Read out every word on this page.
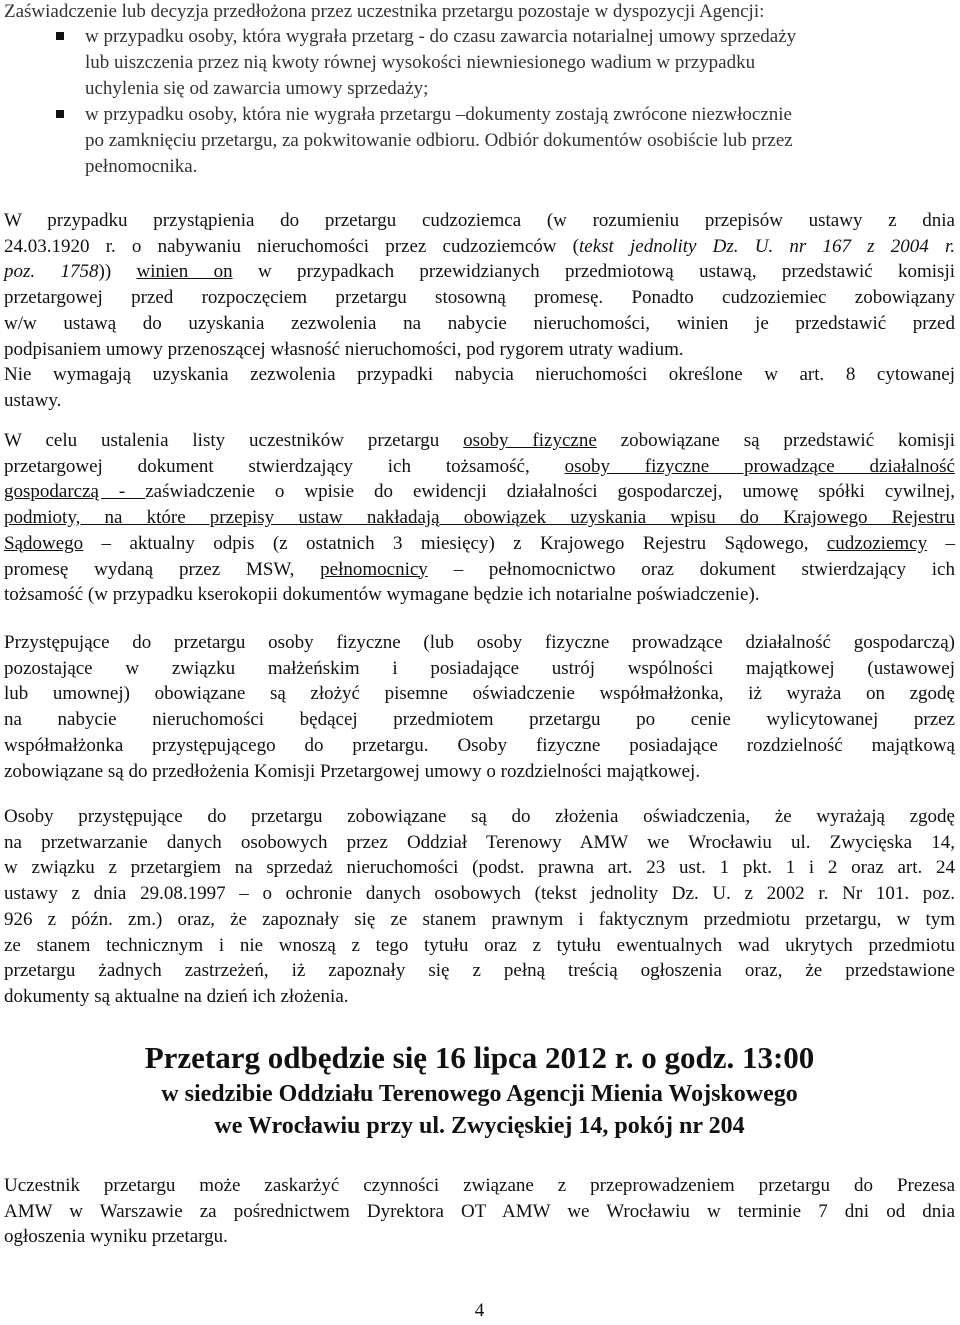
Zaświadczenie lub decyzja przedłożona przez uczestnika przetargu pozostaje w dyspozycji Agencji:
w przypadku osoby, która wygrała przetarg - do czasu zawarcia notarialnej umowy sprzedaży
lub uiszczenia przez nią kwoty równej wysokości niewniesionego wadium w przypadku
uchylenia się od zawarcia umowy sprzedaży;
w przypadku osoby, która nie wygrała przetargu –dokumenty zostają zwrócone niezwłocznie
po zamknięciu przetargu, za pokwitowanie odbioru. Odbiór dokumentów osobiście lub przez
pełnomocnika.
W przypadku przystąpienia do przetargu cudzoziemca (w rozumieniu przepisów ustawy z dnia
24.03.1920 r. o nabywaniu nieruchomości przez cudzoziemców (tekst jednolity Dz. U. nr 167 z 2004 r.
poz. 1758)) winien on w przypadkach przewidzianych przedmiotową ustawą, przedstawić komisji
przetargowej przed rozpoczęciem przetargu stosowną promesę. Ponadto cudzoziemiec zobowiązany
w/w ustawą do uzyskania zezwolenia na nabycie nieruchomości, winien je przedstawić przed
podpisaniem umowy przenoszącej własność nieruchomości, pod rygorem utraty wadium.
Nie wymagają uzyskania zezwolenia przypadki nabycia nieruchomości określone w art. 8 cytowanej
ustawy.
W celu ustalenia listy uczestników przetargu osoby fizyczne zobowiązane są przedstawić komisji
przetargowej dokument stwierdzający ich tożsamość, osoby fizyczne prowadzące działalność
gospodarczą - zaświadczenie o wpisie do ewidencji działalności gospodarczej, umowę spółki cywilnej,
podmioty, na które przepisy ustaw nakładają obowiązek uzyskania wpisu do Krajowego Rejestru
Sądowego – aktualny odpis (z ostatnich 3 miesięcy) z Krajowego Rejestru Sądowego, cudzoziemcy –
promesę wydaną przez MSW, pełnomocnicy – pełnomocnictwo oraz dokument stwierdzający ich
tożsamość (w przypadku kserokopii dokumentów wymagane będzie ich notarialne poświadczenie).
Przystępujące do przetargu osoby fizyczne (lub osoby fizyczne prowadzące działalność gospodarczą)
pozostające w związku małżeńskim i posiadające ustrój wspólności majątkowej (ustawowej
lub umownej) obowiązane są złożyć pisemne oświadczenie współmałżonka, iż wyraża on zgodę
na nabycie nieruchomości będącej przedmiotem przetargu po cenie wylicytowanej przez
współmałżonka przystępującego do przetargu. Osoby fizyczne posiadające rozdzielność majątkową
zobowiązane są do przedłożenia Komisji Przetargowej umowy o rozdzielności majątkowej.
Osoby przystępujące do przetargu zobowiązane są do złożenia oświadczenia, że wyrażają zgodę
na przetwarzanie danych osobowych przez Oddział Terenowy AMW we Wrocławiu ul. Zwycięska 14,
w związku z przetargiem na sprzedaż nieruchomości (podst. prawna art. 23 ust. 1 pkt. 1 i 2 oraz art. 24
ustawy z dnia 29.08.1997 – o ochronie danych osobowych (tekst jednolity Dz. U. z 2002 r. Nr 101. poz.
926 z późn. zm.) oraz, że zapoznały się ze stanem prawnym i faktycznym przedmiotu przetargu, w tym
ze stanem technicznym i nie wnoszą z tego tytułu oraz z tytułu ewentualnych wad ukrytych przedmiotu
przetargu żadnych zastrzeżeń, iż zapoznały się z pełną treścią ogłoszenia oraz, że przedstawione
dokumenty są aktualne na dzień ich złożenia.
Przetarg odbędzie się 16 lipca 2012 r. o godz. 13:00
w siedzibie Oddziału Terenowego Agencji Mienia Wojskowego
we Wrocławiu przy ul. Zwycięskiej 14, pokój nr 204
Uczestnik przetargu może zaskarżyć czynności związane z przeprowadzeniem przetargu do Prezesa
AMW w Warszawie za pośrednictwem Dyrektora OT AMW we Wrocławiu w terminie 7 dni od dnia
ogłoszenia wyniku przetargu.
4
